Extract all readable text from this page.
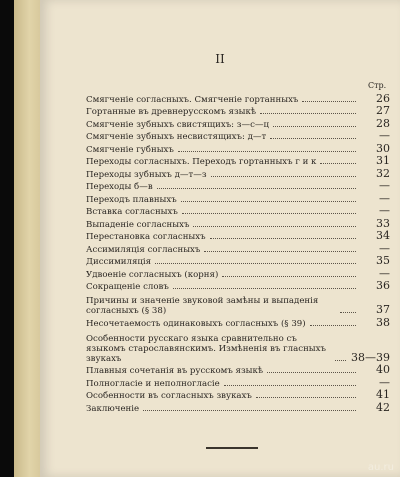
II
Стр.
Смягченіе согласныхъ. Смягченіе гортанныхъ	26
Гортанные въ древнерусскомъ языкѣ	27
Смягченіе зубныхъ свистящихъ: з—с—ц	28
Смягченіе зубныхъ несвистящихъ: д—т	—
Смягченіе губныхъ	30
Переходы согласныхъ. Переходъ гортанныхъ г и к	31
Переходы зубныхъ д—т—з	32
Переходы б—в	—
Переходъ плавныхъ	—
Вставка согласныхъ	—
Выпаденіе согласныхъ	33
Перестановка согласныхъ	34
Ассимиляція согласныхъ	—
Диссимиляція	35
Удвоеніе согласныхъ (корня)	—
Сокращеніе словъ	36
Причины и значеніе звуковой замѣны и выпаденія согласныхъ (§ 38)	37
Несочетаемость одинаковыхъ согласныхъ (§ 39)	38
Особенности русскаго языка сравнительно съ языкомъ старославянскимъ. Измѣненія въ гласныхъ звукахъ	38—39
Плавныя сочетанія въ русскомъ языкѣ	40
Полногласіе и неполногласіе	—
Особенности въ согласныхъ звукахъ	41
Заключеніе	42
au.ru
